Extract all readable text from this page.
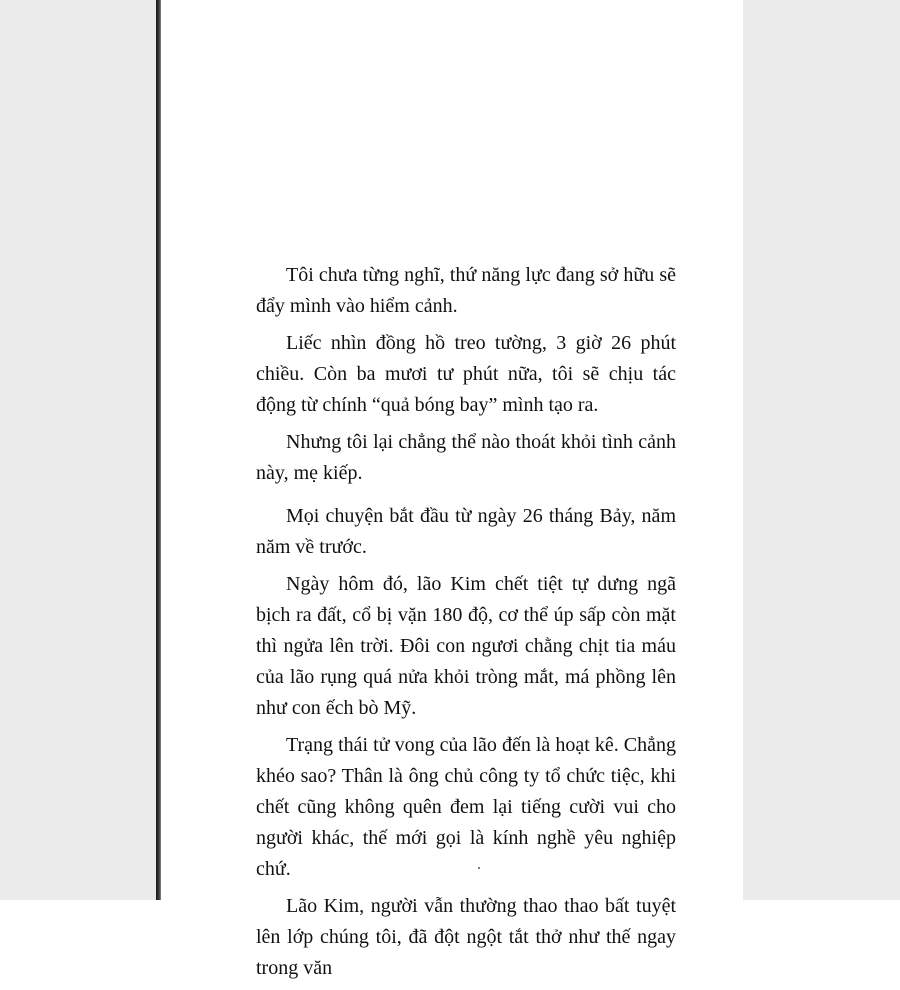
Tôi chưa từng nghĩ, thứ năng lực đang sở hữu sẽ đẩy mình vào hiểm cảnh.

Liếc nhìn đồng hồ treo tường, 3 giờ 26 phút chiều. Còn ba mươi tư phút nữa, tôi sẽ chịu tác động từ chính “quả bóng bay” mình tạo ra.

Nhưng tôi lại chẳng thể nào thoát khỏi tình cảnh này, mẹ kiếp.

Mọi chuyện bắt đầu từ ngày 26 tháng Bảy, năm năm về trước.

Ngày hôm đó, lão Kim chết tiệt tự dưng ngã bịch ra đất, cổ bị vặn 180 độ, cơ thể úp sấp còn mặt thì ngửa lên trời. Đôi con ngươi chằng chịt tia máu của lão rụng quá nửa khỏi tròng mắt, má phồng lên như con ếch bò Mỹ.

Trạng thái tử vong của lão đến là hoạt kê. Chẳng khéo sao? Thân là ông chủ công ty tổ chức tiệc, khi chết cũng không quên đem lại tiếng cười vui cho người khác, thế mới gọi là kính nghề yêu nghiệp chứ.

Lão Kim, người vẫn thường thao thao bất tuyệt lên lớp chúng tôi, đã đột ngột tắt thở như thế ngay trong văn
